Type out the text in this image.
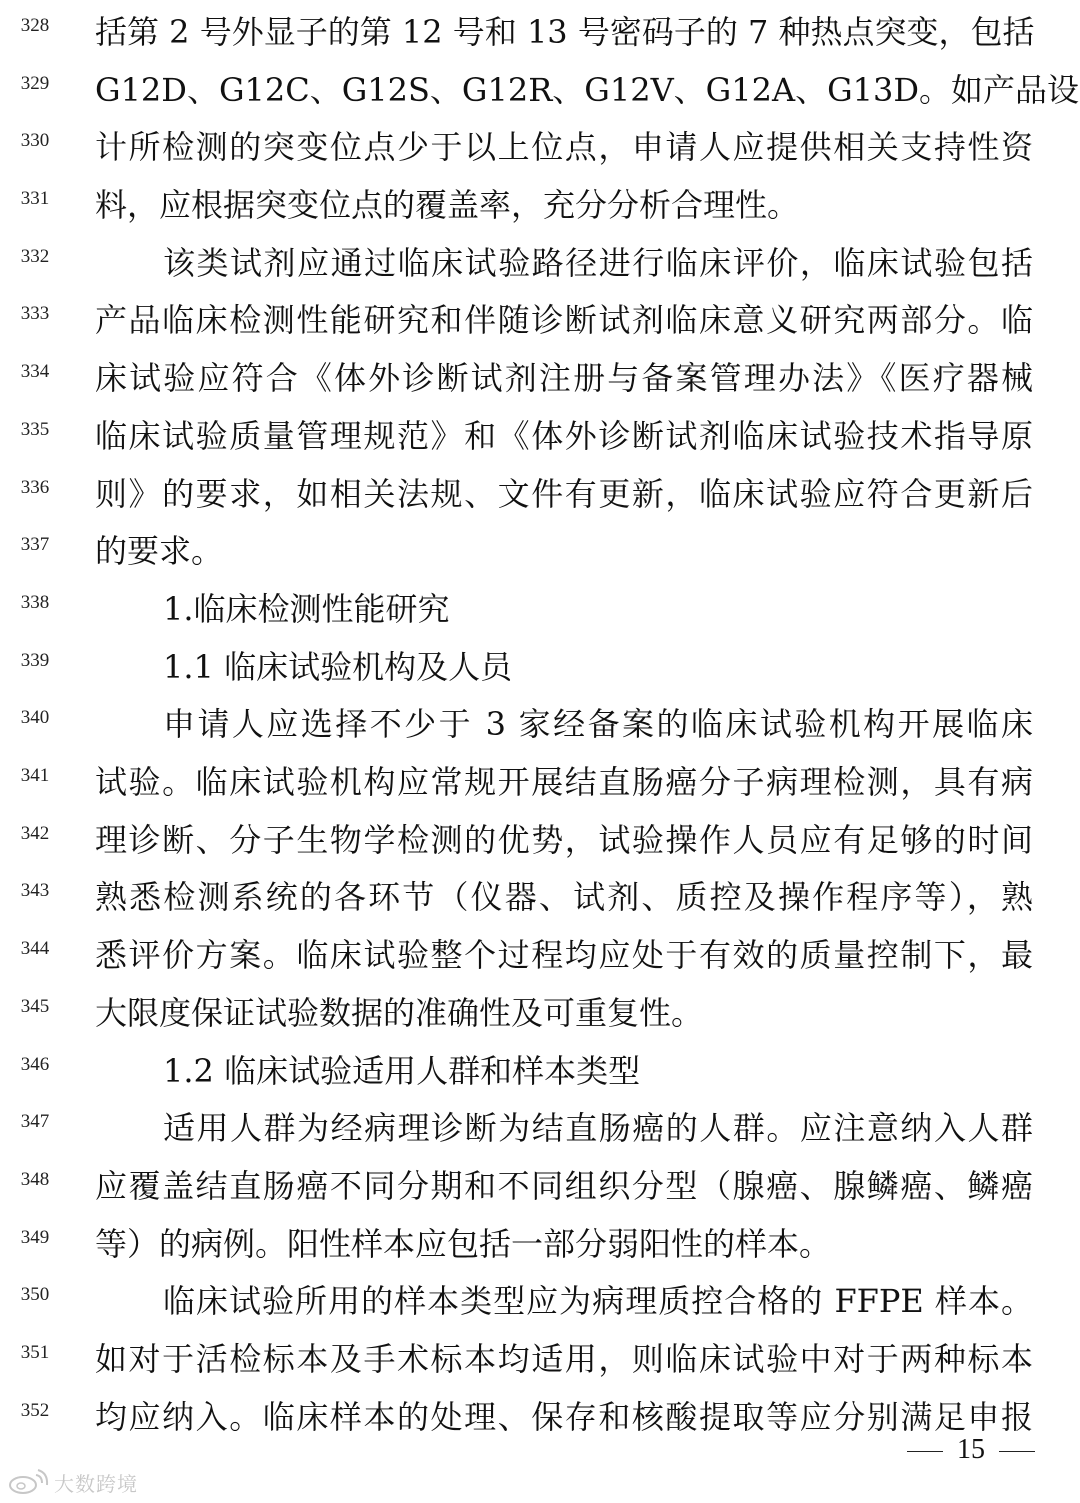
328	括第 2 号外显子的第 12 号和 13 号密码子的 7 种热点突变，包括
329	G12D、G12C、G12S、G12R、G12V、G12A、G13D。如产品设
330	计所检测的突变位点少于以上位点，申请人应提供相关支持性资
331	料，应根据突变位点的覆盖率，充分分析合理性。
332	该类试剂应通过临床试验路径进行临床评价，临床试验包括
333	产品临床检测性能研究和伴随诊断试剂临床意义研究两部分。临
334	床试验应符合《体外诊断试剂注册与备案管理办法》《医疗器械
335	临床试验质量管理规范》和《体外诊断试剂临床试验技术指导原
336	则》的要求，如相关法规、文件有更新，临床试验应符合更新后
337	的要求。
338	1.临床检测性能研究
339	1.1 临床试验机构及人员
340	申请人应选择不少于 3 家经备案的临床试验机构开展临床
341	试验。临床试验机构应常规开展结直肠癌分子病理检测，具有病
342	理诊断、分子生物学检测的优势，试验操作人员应有足够的时间
343	熟悉检测系统的各环节（仪器、试剂、质控及操作程序等），熟
344	悉评价方案。临床试验整个过程均应处于有效的质量控制下，最
345	大限度保证试验数据的准确性及可重复性。
346	1.2 临床试验适用人群和样本类型
347	适用人群为经病理诊断为结直肠癌的人群。应注意纳入人群
348	应覆盖结直肠癌不同分期和不同组织分型（腺癌、腺鳞癌、鳞癌
349	等）的病例。阳性样本应包括一部分弱阳性的样本。
350	临床试验所用的样本类型应为病理质控合格的 FFPE 样本。
351	如对于活检标本及手术标本均适用，则临床试验中对于两种标本
352	均应纳入。临床样本的处理、保存和核酸提取等应分别满足申报
15
大数跨境
